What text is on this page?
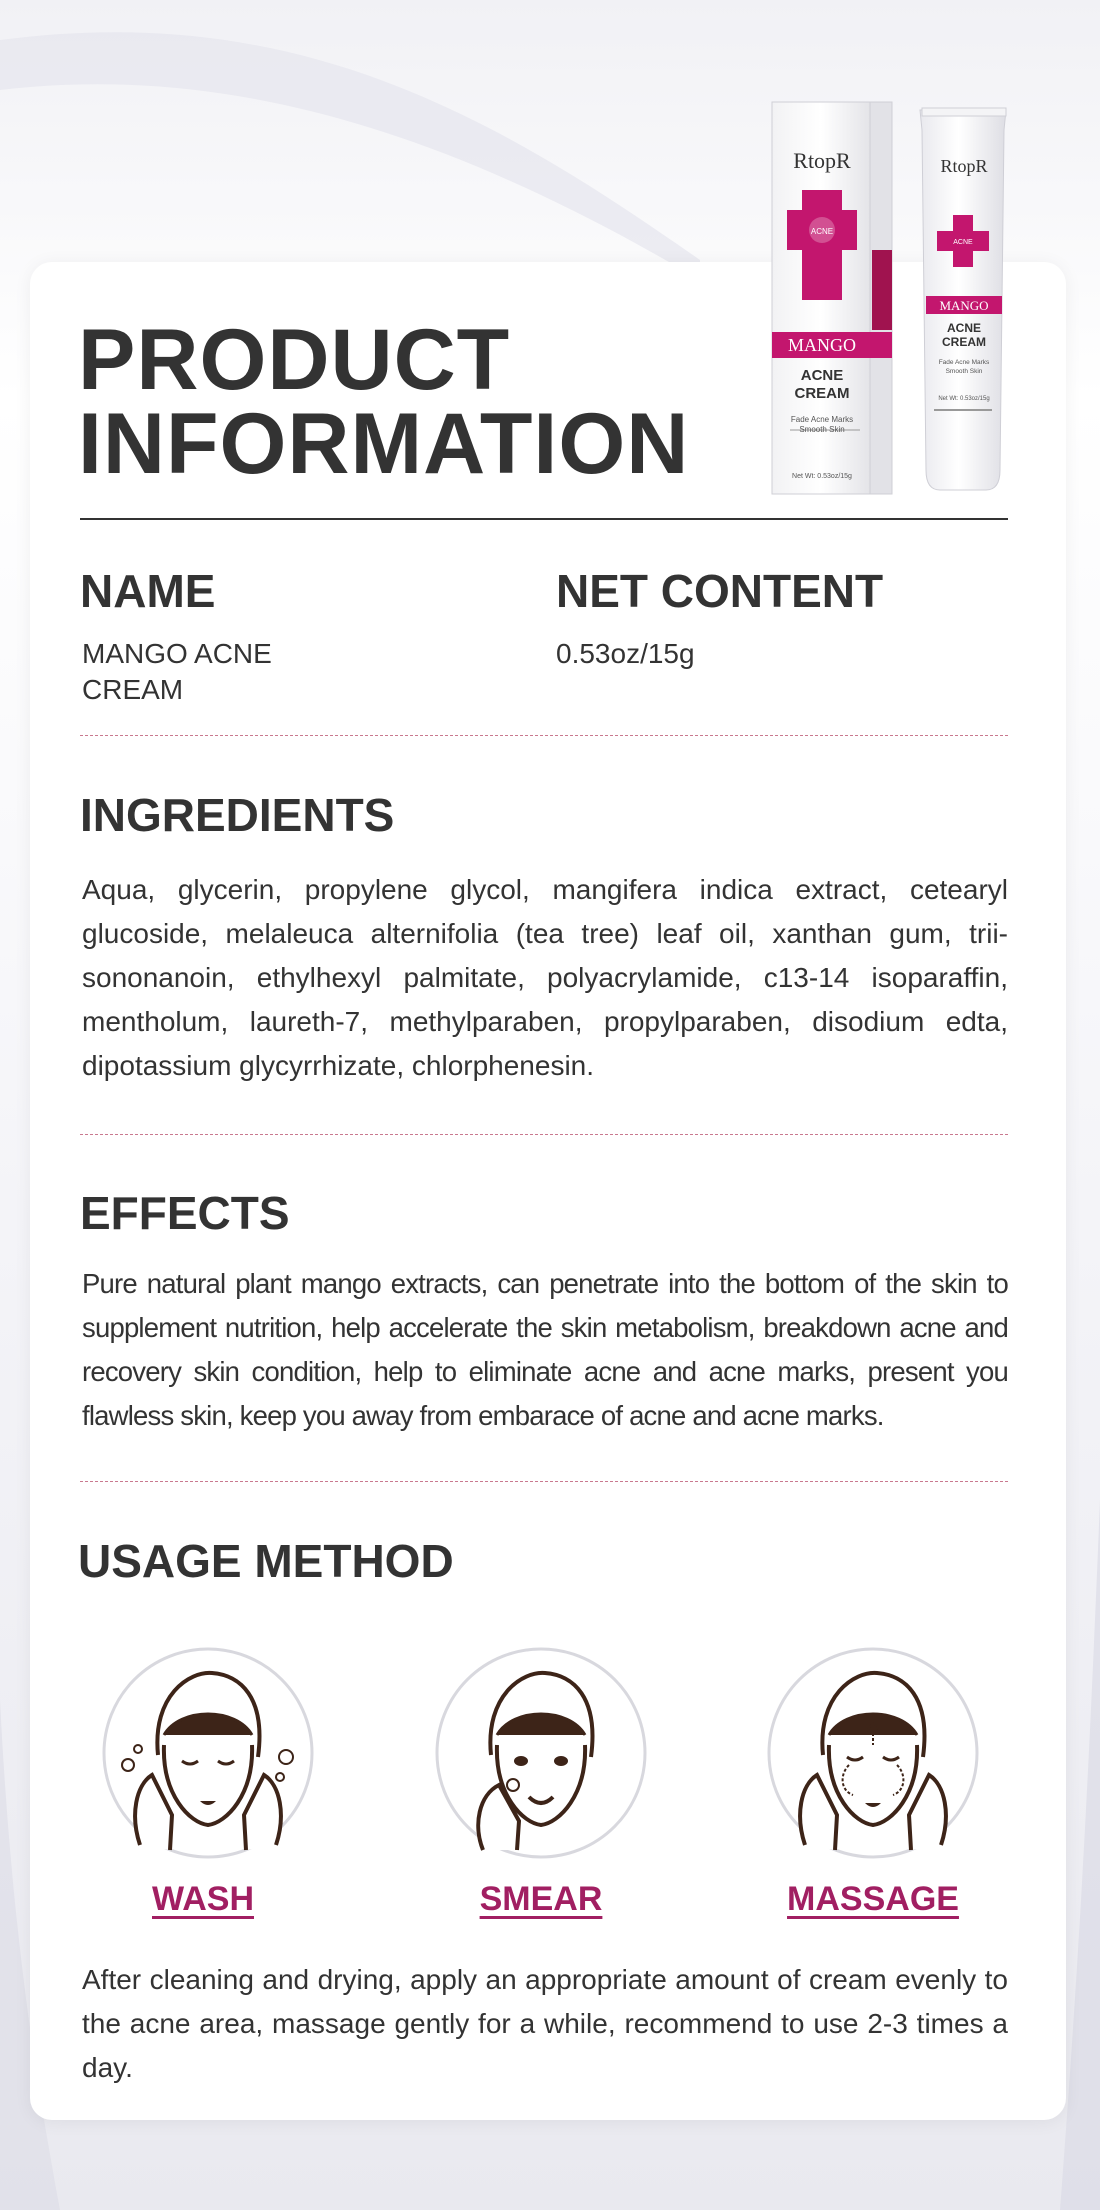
PRODUCT
INFORMATION
RtopR
ACNE
MANGO
ACNE
CREAM
Fade Acne Marks
Smooth Skin
Net Wt: 0.53oz/15g
RtopR
ACNE
MANGO
ACNE
CREAM
Fade Acne Marks
Smooth Skin
Net Wt: 0.53oz/15g
NAME

MANGO ACNE
CREAM

NET CONTENT

0.53oz/15g

INGREDIENTS

Aqua, glycerin, propylene glycol, mangifera indica extract, cetearyl glucoside, melaleuca alternifolia (tea tree) leaf oil, xanthan gum, trii-sononanoin, ethylhexyl palmitate, polyacrylamide, c13-14 isoparaffin, mentholum, laureth-7, methylparaben, propylparaben, disodium edta, dipotassium glycyrrhizate, chlorphenesin.

EFFECTS

Pure natural plant mango extracts, can penetrate into the bottom of the skin to supplement nutrition, help accelerate the skin metabolism, breakdown acne and recovery skin condition, help to eliminate acne and acne marks, present you flawless skin, keep you away from embarace of acne and acne marks.

USAGE METHOD

WASH	SMEAR	MASSAGE

After cleaning and drying, apply an appropriate amount of cream evenly to the acne area, massage gently for a while, recommend to use 2-3 times a day.
